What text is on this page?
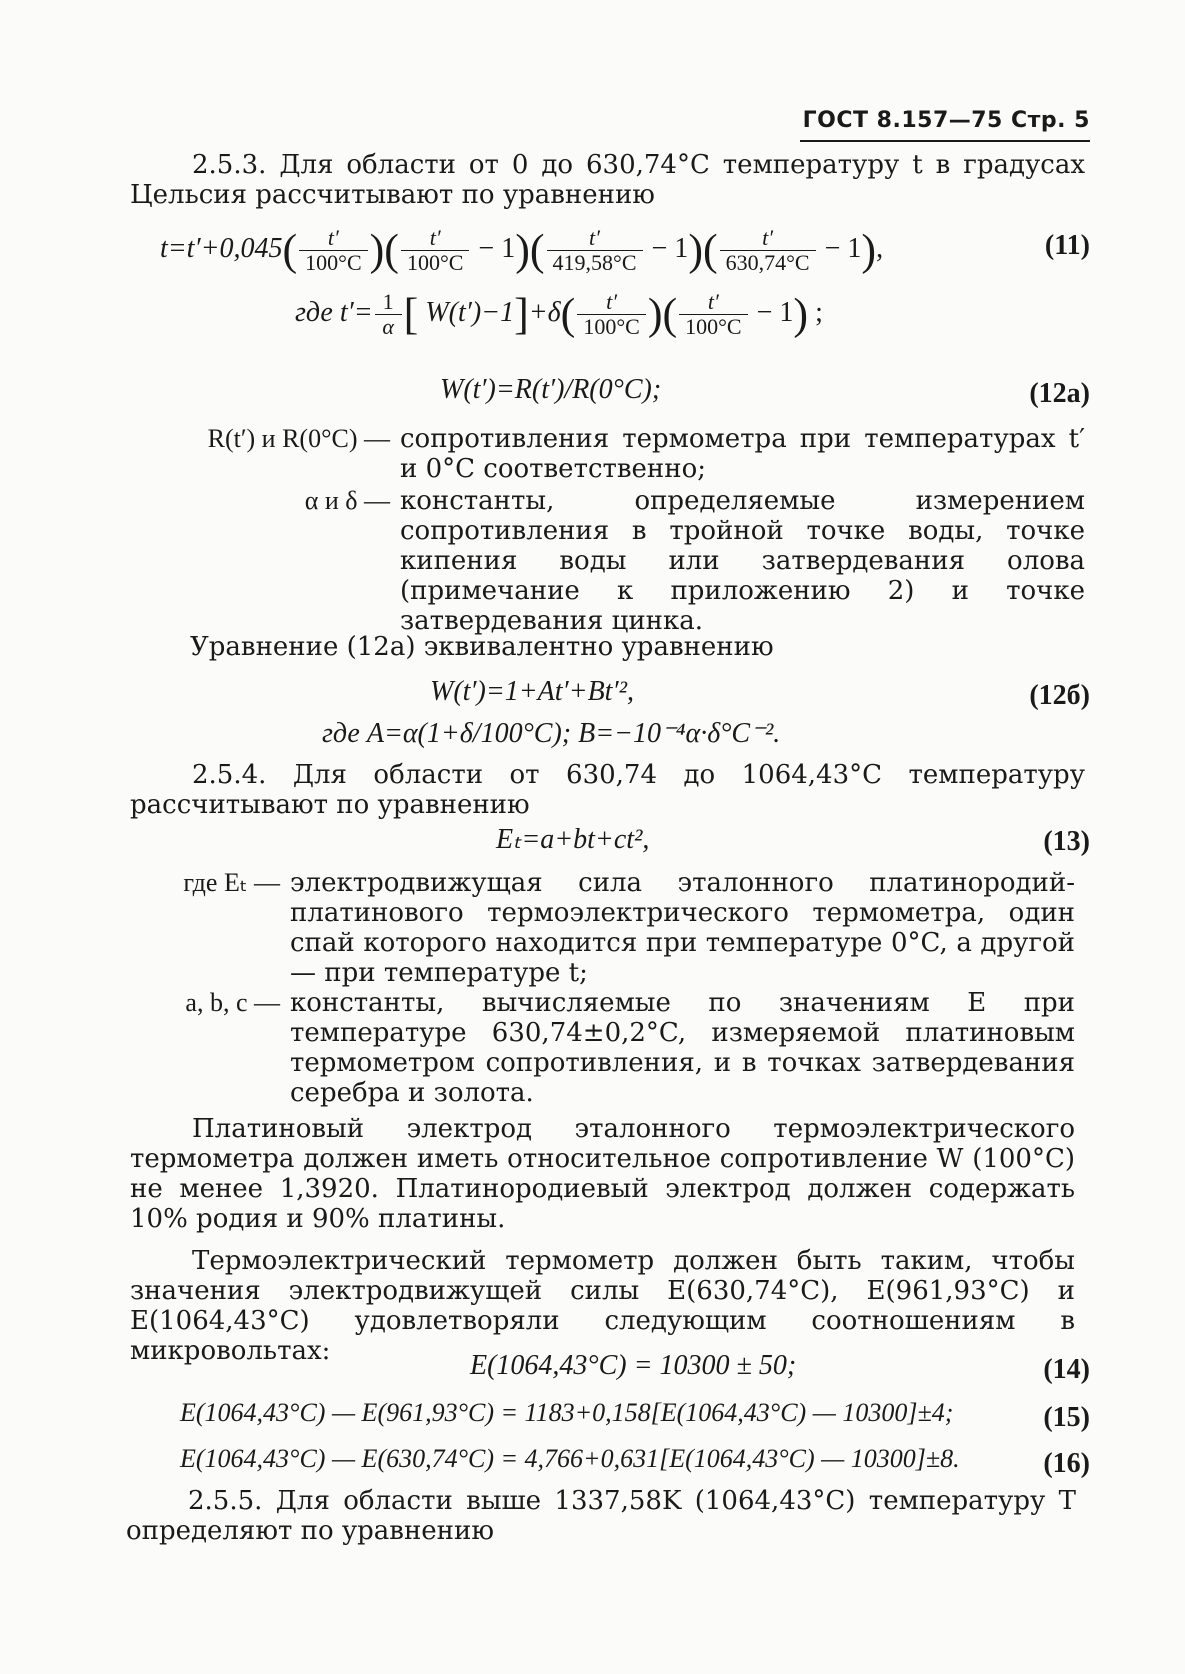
ГОСТ 8.157—75 Стр. 5
2.5.3. Для области от 0 до 630,74°C температуру t в градусах Цельсия рассчитывают по уравнению
$t=t'+0,045( \frac{t'}{100^\circ C}$ )( $\frac{t'}{100^\circ C} - 1)( \frac{t'}{419,58^\circ C} - 1)( \frac{t'}{630,74^\circ C} - 1)$,	(11)
где $t'= \frac{1}{\alpha}$ [ $W(t')-1]+\delta( \frac{t'}{100^\circ C}$ )( $\frac{t'}{100^\circ C} - 1$) ;
W(t′)=R(t′)/R(0°C);	(12а)
R(t′) и R(0°C) — сопротивления термометра при температурах t′ и 0°C соответственно;
α и δ — константы, определяемые измерением сопротивления в тройной точке воды, точке кипения воды или затвердевания олова (примечание к приложению 2) и точке затвердевания цинка.
Уравнение (12а) эквивалентно уравнению
W(t′)=1+At′+Bt′²,	(12б)
где A=α(1+δ/100°C); B=−10⁻⁴α·δ°C⁻².
2.5.4. Для области от 630,74 до 1064,43°C температуру рассчитывают по уравнению
Eₜ=a+bt+ct²,	(13)
где Eₜ — электродвижущая сила эталонного платинородий-платинового термоэлектрического термометра, один спай которого находится при температуре 0°C, а другой — при температуре t;
a, b, c — константы, вычисляемые по значениям E при температуре 630,74±0,2°C, измеряемой платиновым термометром сопротивления, и в точках затвердевания серебра и золота.
Платиновый электрод эталонного термоэлектрического термометра должен иметь относительное сопротивление W (100°C) не менее 1,3920. Платинородиевый электрод должен содержать 10% родия и 90% платины.
Термоэлектрический термометр должен быть таким, чтобы значения электродвижущей силы E(630,74°C), E(961,93°C) и E(1064,43°C) удовлетворяли следующим соотношениям в микровольтах:	E(1064,43°C) = 10300 ± 50;	(14)
E(1064,43°C) — E(961,93°C) = 1183+0,158[E(1064,43°C) — 10300]±4;	(15)
E(1064,43°C) — E(630,74°C) = 4,766+0,631[E(1064,43°C) — 10300]±8.	(16)
2.5.5. Для области выше 1337,58K (1064,43°C) температуру T определяют по уравнению
